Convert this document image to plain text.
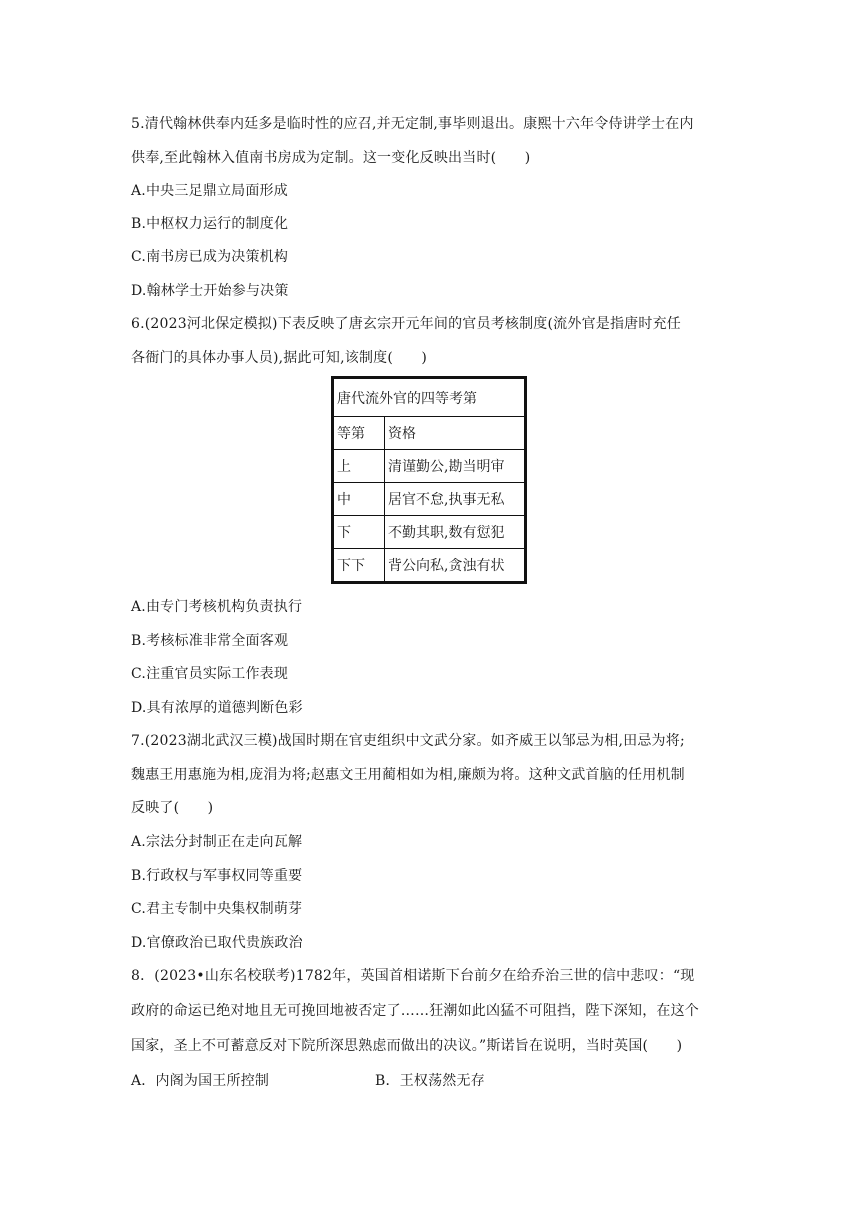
5.清代翰林供奉内廷多是临时性的应召,并无定制,事毕则退出。康熙十六年令侍讲学士在内
供奉,至此翰林入值南书房成为定制。这一变化反映出当时(　　)
A.中央三足鼎立局面形成
B.中枢权力运行的制度化
C.南书房已成为决策机构
D.翰林学士开始参与决策
6.(2023河北保定模拟)下表反映了唐玄宗开元年间的官员考核制度(流外官是指唐时充任
各衙门的具体办事人员),据此可知,该制度(　　)
唐代流外官的四等考第	
等第	资格
上	清谨勤公,勘当明审
中	居官不怠,执事无私
下	不勤其职,数有愆犯
下下	背公向私,贪浊有状
A.由专门考核机构负责执行
B.考核标准非常全面客观
C.注重官员实际工作表现
D.具有浓厚的道德判断色彩
7.(2023湖北武汉三模)战国时期在官吏组织中文武分家。如齐威王以邹忌为相,田忌为将;
魏惠王用惠施为相,庞涓为将;赵惠文王用蔺相如为相,廉颇为将。这种文武首脑的任用机制
反映了(　　)
A.宗法分封制正在走向瓦解
B.行政权与军事权同等重要
C.君主专制中央集权制萌芽
D.官僚政治已取代贵族政治
8．(2023•山东名校联考)1782年，英国首相诺斯下台前夕在给乔治三世的信中悲叹：“现
政府的命运已绝对地且无可挽回地被否定了……狂潮如此凶猛不可阻挡，陛下深知，在这个
国家，圣上不可蓄意反对下院所深思熟虑而做出的决议。”斯诺旨在说明，当时英国(　　)
A．内阁为国王所控制	B．王权荡然无存
